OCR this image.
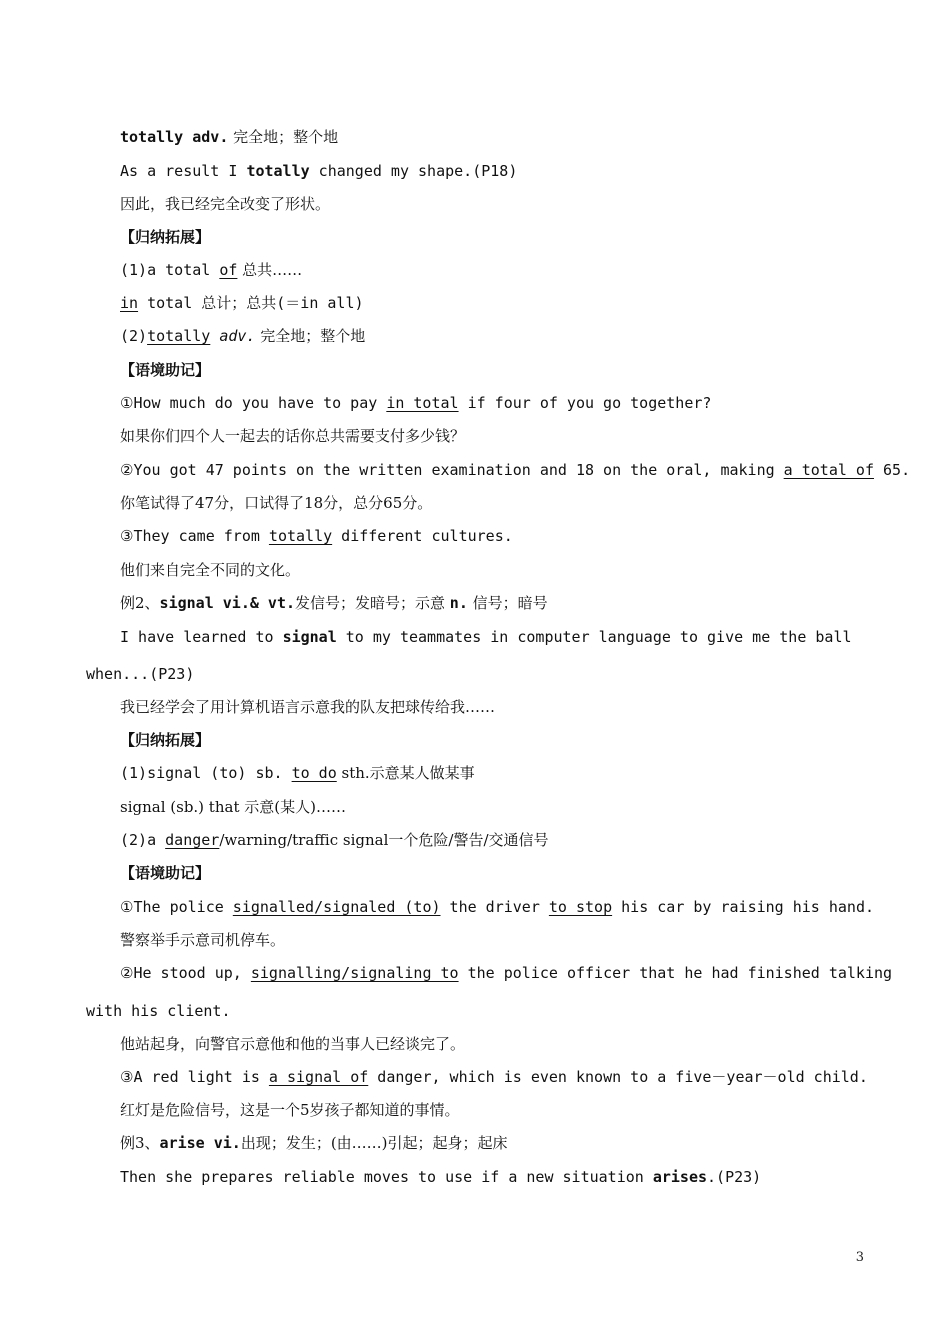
totally adv. 完全地；整个地
As a result I totally changed my shape.(P18)
因此，我已经完全改变了形状。
【归纳拓展】
(1)a total of 总共……
in total 总计；总共(＝in all)
(2)totally adv. 完全地；整个地
【语境助记】
①How much do you have to pay in total if four of you go together?
如果你们四个人一起去的话你总共需要支付多少钱？
②You got 47 points on the written examination and 18 on the oral, making a total of 65.
你笔试得了47分，口试得了18分，总分65分。
③They came from totally different cultures.
他们来自完全不同的文化。
例2、signal vi.& vt.发信号；发暗号；示意 n. 信号；暗号
I have learned to signal to my teammates in computer language to give me the ball
when...(P23)
我已经学会了用计算机语言示意我的队友把球传给我……
【归纳拓展】
(1)signal (to) sb. to do sth.示意某人做某事
signal (sb.) that 示意(某人)……
(2)a danger/warning/traffic signal一个危险/警告/交通信号
【语境助记】
①The police signalled/signaled (to) the driver to stop his car by raising his hand.
警察举手示意司机停车。
②He stood up, signalling/signaling to the police officer that he had finished talking
with his client.
他站起身，向警官示意他和他的当事人已经谈完了。
③A red light is a signal of danger, which is even known to a five－year－old child.
红灯是危险信号，这是一个5岁孩子都知道的事情。
例3、arise vi.出现；发生；(由……)引起；起身；起床
Then she prepares reliable moves to use if a new situation arises.(P23)
3
